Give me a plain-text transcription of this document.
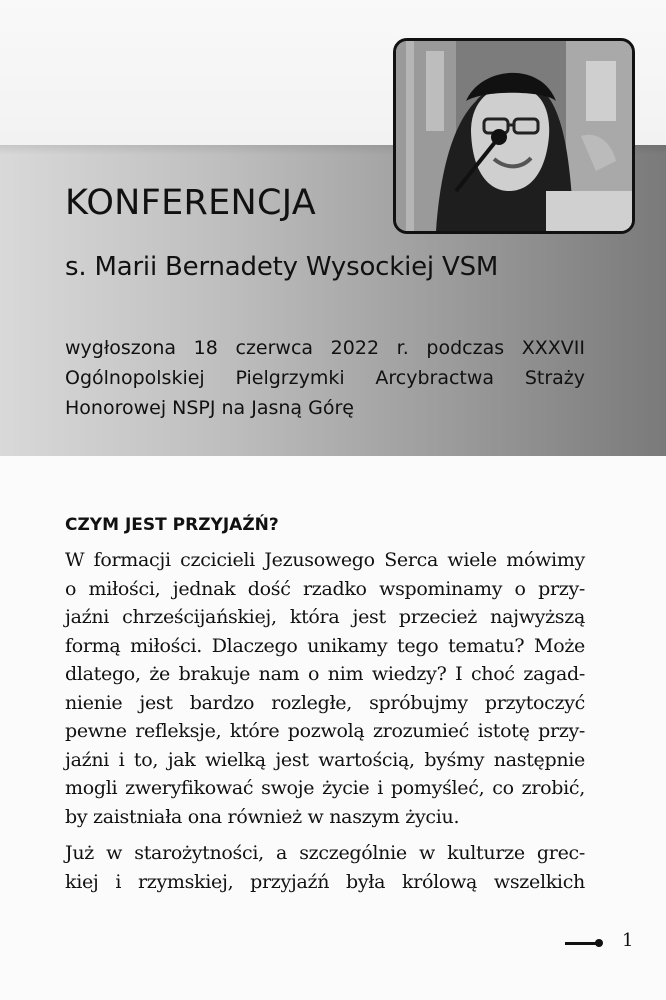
KONFERENCJA
s. Marii Bernadety Wysockiej VSM
wygłoszona 18 czerwca 2022 r. podczas XXXVII
Ogólnopolskiej Pielgrzymki Arcybractwa Straży
Honorowej NSPJ na Jasną Górę
CZYM JEST PRZYJAŹŃ?

W formacji czcicieli Jezusowego Serca wiele mówimy
o miłości, jednak dość rzadko wspominamy o przy-
jaźni chrześcijańskiej, która jest przecież najwyższą
formą miłości. Dlaczego unikamy tego tematu? Może
dlatego, że brakuje nam o nim wiedzy? I choć zagad-
nienie jest bardzo rozległe, spróbujmy przytoczyć
pewne refleksje, które pozwolą zrozumieć istotę przy-
jaźni i to, jak wielką jest wartością, byśmy następnie
mogli zweryfikować swoje życie i pomyśleć, co zrobić,
by zaistniała ona również w naszym życiu.

Już w starożytności, a szczególnie w kulturze grec-
kiej i rzymskiej, przyjaźń była królową wszelkich

1
